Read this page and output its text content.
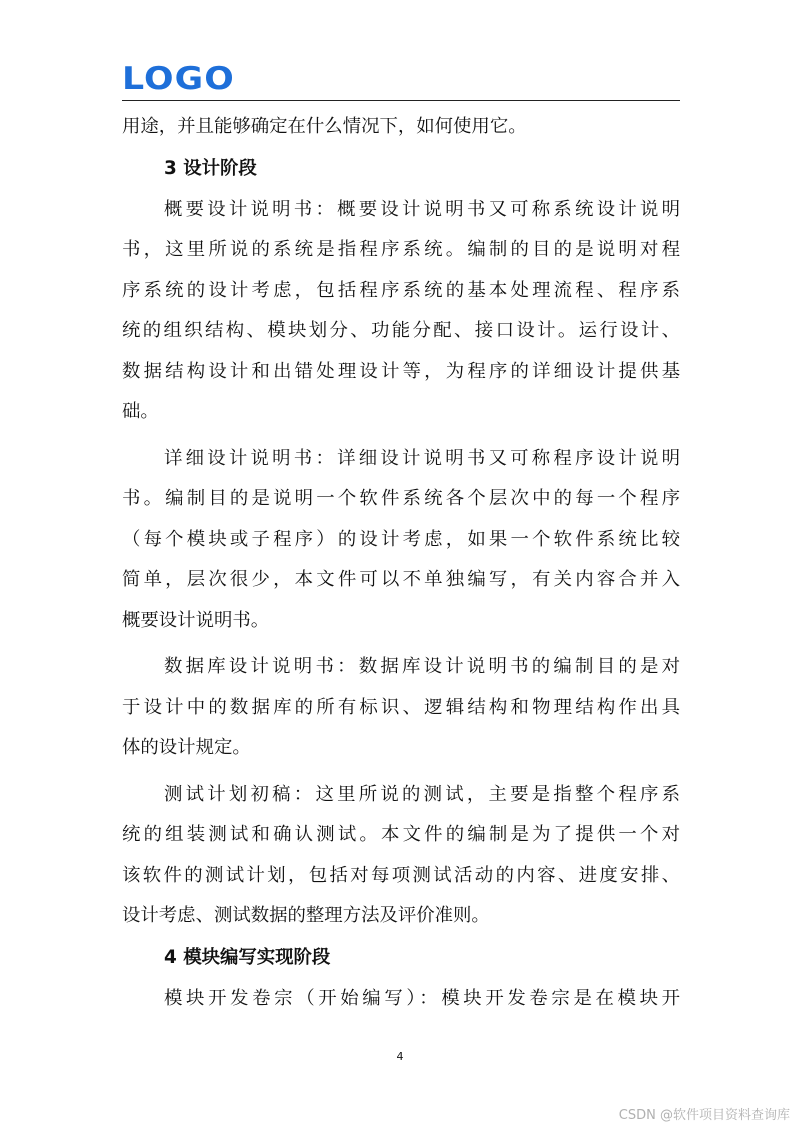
LOGO
用途，并且能够确定在什么情况下，如何使用它。
3 设计阶段
概要设计说明书：概要设计说明书又可称系统设计说明
书，这里所说的系统是指程序系统。编制的目的是说明对程
序系统的设计考虑，包括程序系统的基本处理流程、程序系
统的组织结构、模块划分、功能分配、接口设计。运行设计、
数据结构设计和出错处理设计等，为程序的详细设计提供基
础。
详细设计说明书：详细设计说明书又可称程序设计说明
书。编制目的是说明一个软件系统各个层次中的每一个程序
（每个模块或子程序）的设计考虑，如果一个软件系统比较
简单，层次很少，本文件可以不单独编写，有关内容合并入
概要设计说明书。
数据库设计说明书：数据库设计说明书的编制目的是对
于设计中的数据库的所有标识、逻辑结构和物理结构作出具
体的设计规定。
测试计划初稿：这里所说的测试，主要是指整个程序系
统的组装测试和确认测试。本文件的编制是为了提供一个对
该软件的测试计划，包括对每项测试活动的内容、进度安排、
设计考虑、测试数据的整理方法及评价准则。
4 模块编写实现阶段
模块开发卷宗（开始编写）：模块开发卷宗是在模块开
4
CSDN @软件项目资料查询库
